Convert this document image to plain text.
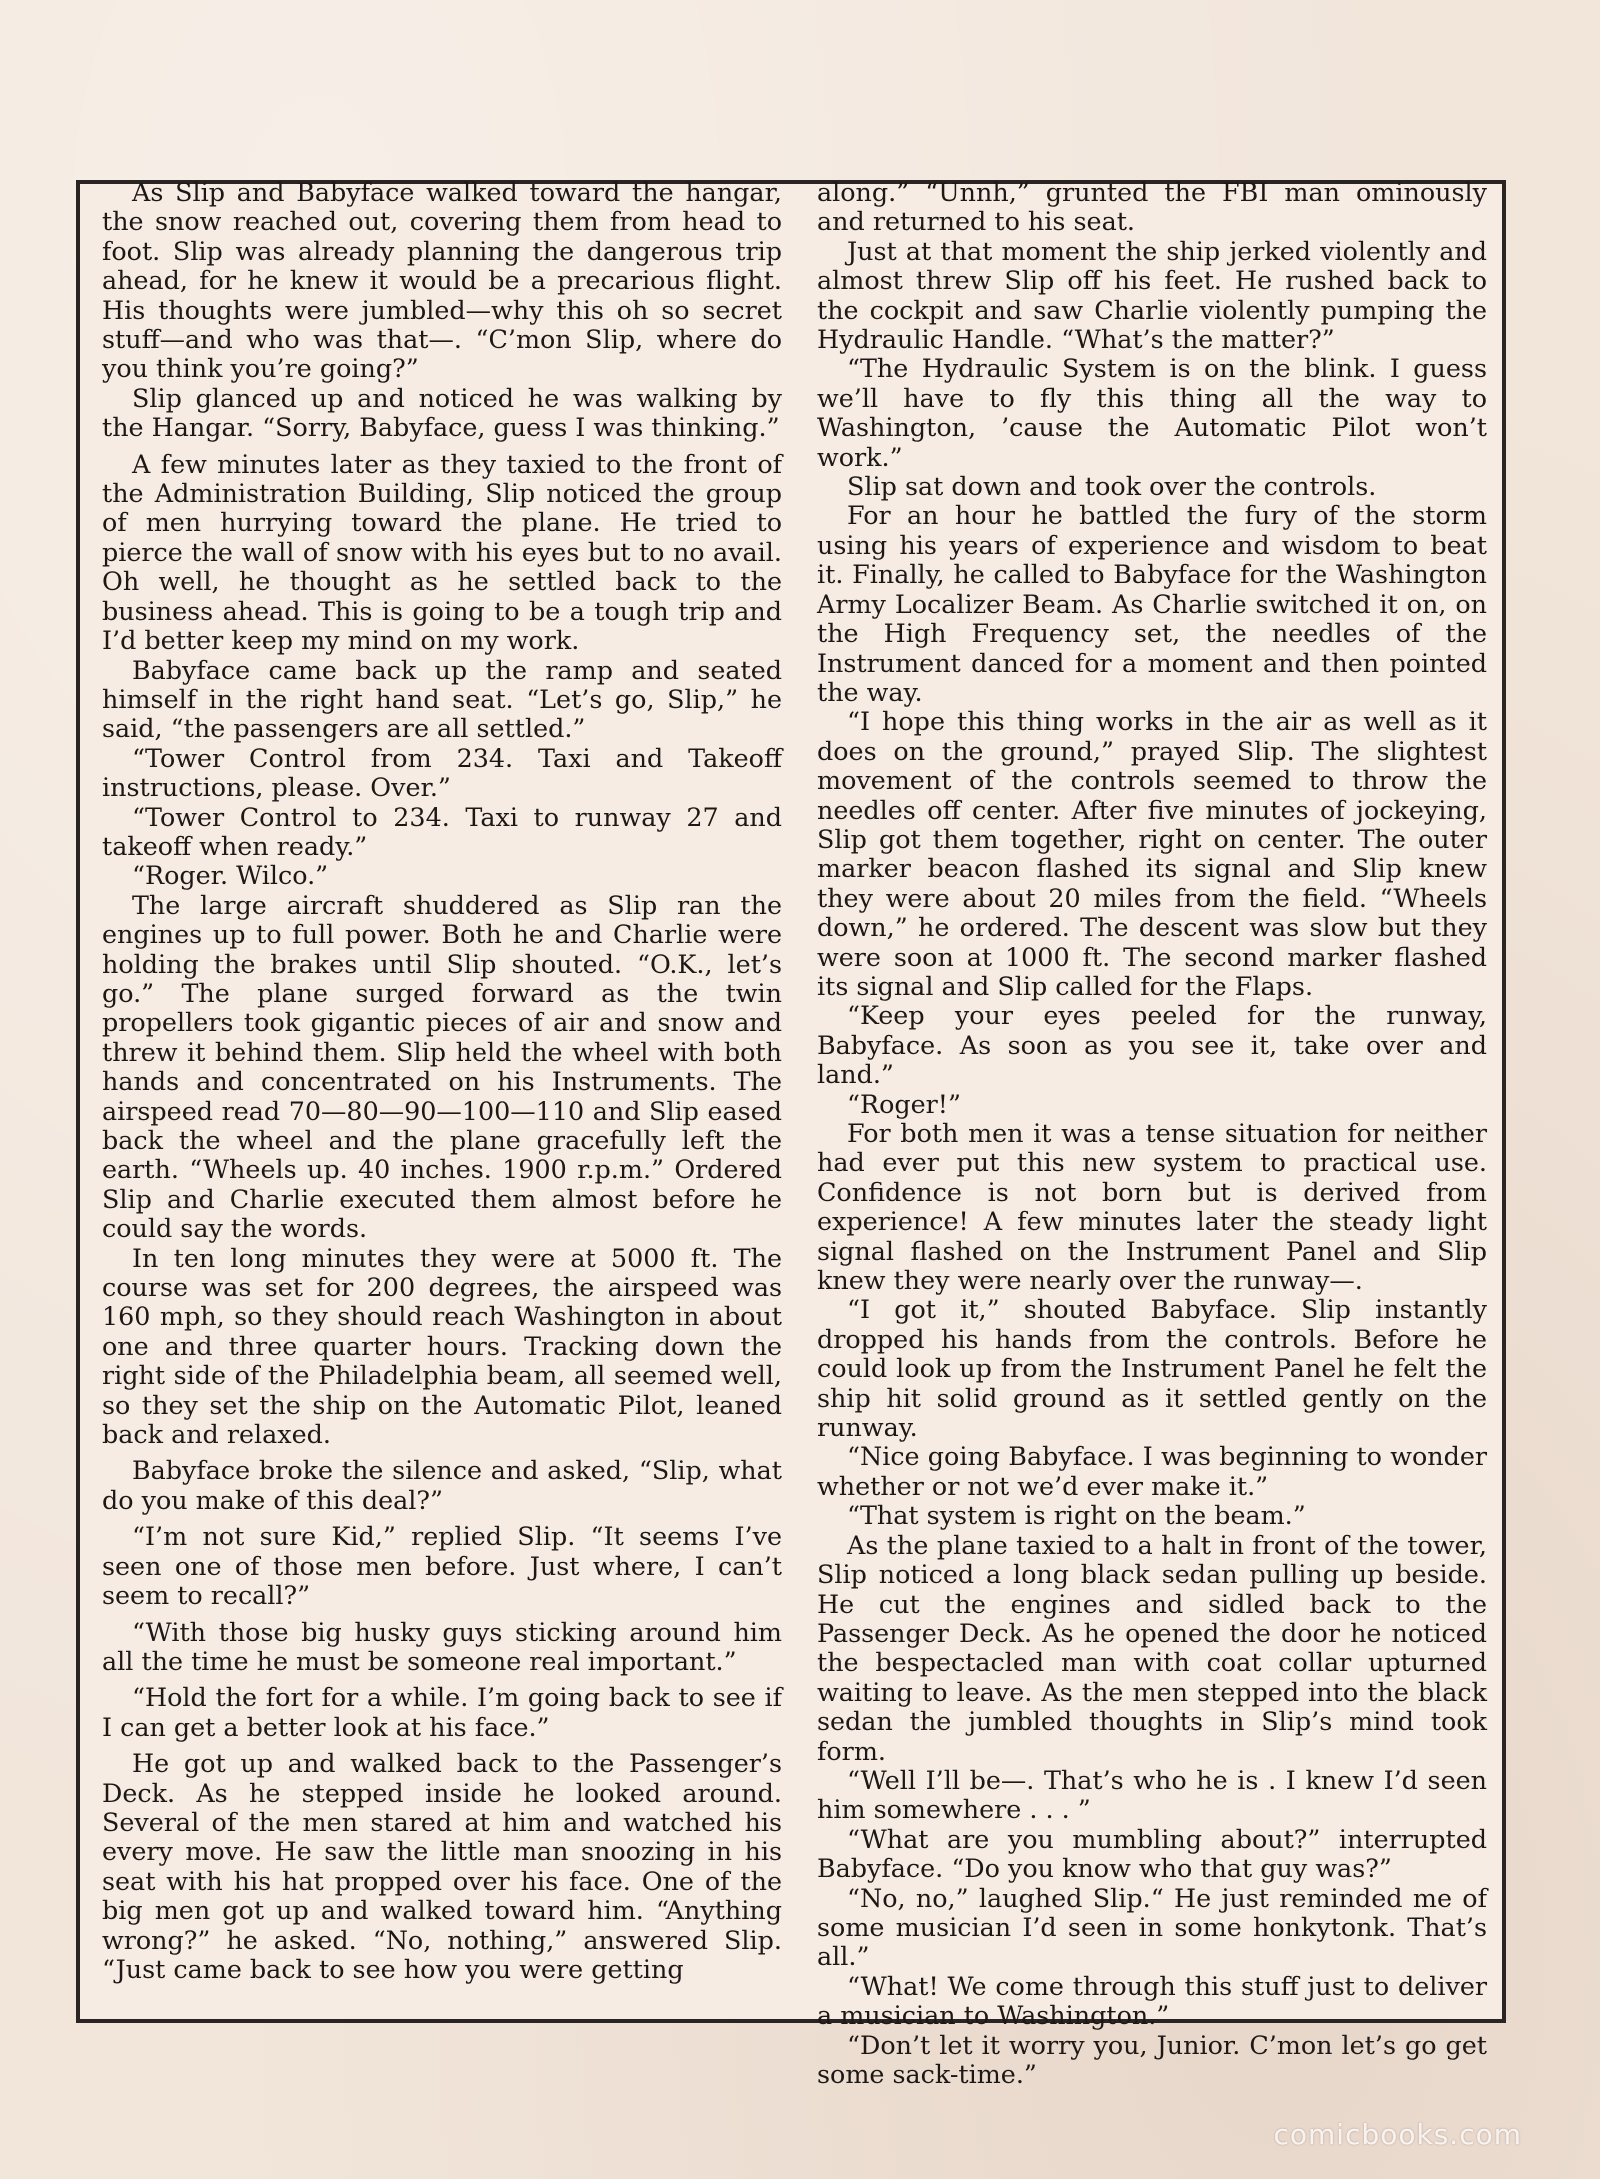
As Slip and Babyface walked toward the hangar, the snow reached out, covering them from head to foot. Slip was already planning the dangerous trip ahead, for he knew it would be a precarious flight. His thoughts were jumbled—why this oh so secret stuff—and who was that—. “C’mon Slip, where do you think you’re going?”

Slip glanced up and noticed he was walking by the Hangar. “Sorry, Babyface, guess I was thinking.”

A few minutes later as they taxied to the front of the Administration Building, Slip noticed the group of men hurrying toward the plane. He tried to pierce the wall of snow with his eyes but to no avail. Oh well, he thought as he settled back to the business ahead. This is going to be a tough trip and I’d better keep my mind on my work.

Babyface came back up the ramp and seated himself in the right hand seat. “Let’s go, Slip,” he said, “the passengers are all settled.”

“Tower Control from 234. Taxi and Takeoff instructions, please. Over.”

“Tower Control to 234. Taxi to runway 27 and takeoff when ready.”

“Roger. Wilco.”

The large aircraft shuddered as Slip ran the engines up to full power. Both he and Charlie were holding the brakes until Slip shouted. “O.K., let’s go.” The plane surged forward as the twin propellers took gigantic pieces of air and snow and threw it behind them. Slip held the wheel with both hands and concentrated on his Instruments. The airspeed read 70—80—90—100—110 and Slip eased back the wheel and the plane gracefully left the earth. “Wheels up. 40 inches. 1900 r.p.m.” Ordered Slip and Charlie executed them almost before he could say the words.

In ten long minutes they were at 5000 ft. The course was set for 200 degrees, the airspeed was 160 mph, so they should reach Washington in about one and three quarter hours. Tracking down the right side of the Philadelphia beam, all seemed well, so they set the ship on the Automatic Pilot, leaned back and relaxed.

Babyface broke the silence and asked, “Slip, what do you make of this deal?”

“I’m not sure Kid,” replied Slip. “It seems I’ve seen one of those men before. Just where, I can’t seem to recall?”

“With those big husky guys sticking around him all the time he must be someone real important.”

“Hold the fort for a while. I’m going back to see if I can get a better look at his face.”

He got up and walked back to the Passenger’s Deck. As he stepped inside he looked around. Several of the men stared at him and watched his every move. He saw the little man snoozing in his seat with his hat propped over his face. One of the big men got up and walked toward him. “Anything wrong?” he asked. “No, nothing,” answered Slip. “Just came back to see how you were getting

along.” “Unnh,” grunted the FBI man ominously and returned to his seat.

Just at that moment the ship jerked violently and almost threw Slip off his feet. He rushed back to the cockpit and saw Charlie violently pumping the Hydraulic Handle. “What’s the matter?”

“The Hydraulic System is on the blink. I guess we’ll have to fly this thing all the way to Washington, ’cause the Automatic Pilot won’t work.”

Slip sat down and took over the controls.

For an hour he battled the fury of the storm using his years of experience and wisdom to beat it. Finally, he called to Babyface for the Washington Army Localizer Beam. As Charlie switched it on, on the High Frequency set, the needles of the Instrument danced for a moment and then pointed the way.

“I hope this thing works in the air as well as it does on the ground,” prayed Slip. The slightest movement of the controls seemed to throw the needles off center. After five minutes of jockeying, Slip got them together, right on center. The outer marker beacon flashed its signal and Slip knew they were about 20 miles from the field. “Wheels down,” he ordered. The descent was slow but they were soon at 1000 ft. The second marker flashed its signal and Slip called for the Flaps.

“Keep your eyes peeled for the runway, Babyface. As soon as you see it, take over and land.”

“Roger!”

For both men it was a tense situation for neither had ever put this new system to practical use. Confidence is not born but is derived from experience! A few minutes later the steady light signal flashed on the Instrument Panel and Slip knew they were nearly over the runway—.

“I got it,” shouted Babyface. Slip instantly dropped his hands from the controls. Before he could look up from the Instrument Panel he felt the ship hit solid ground as it settled gently on the runway.

“Nice going Babyface. I was beginning to wonder whether or not we’d ever make it.”

“That system is right on the beam.”

As the plane taxied to a halt in front of the tower, Slip noticed a long black sedan pulling up beside. He cut the engines and sidled back to the Passenger Deck. As he opened the door he noticed the bespectacled man with coat collar upturned waiting to leave. As the men stepped into the black sedan the jumbled thoughts in Slip’s mind took form.

“Well I’ll be—. That’s who he is . I knew I’d seen him somewhere . . . ”

“What are you mumbling about?” interrupted Babyface. “Do you know who that guy was?”

“No, no,” laughed Slip.“ He just reminded me of some musician I’d seen in some honkytonk. That’s all.”

“What! We come through this stuff just to deliver a musician to Washington.”

“Don’t let it worry you, Junior. C’mon let’s go get some sack-time.”

comicbooks.com
